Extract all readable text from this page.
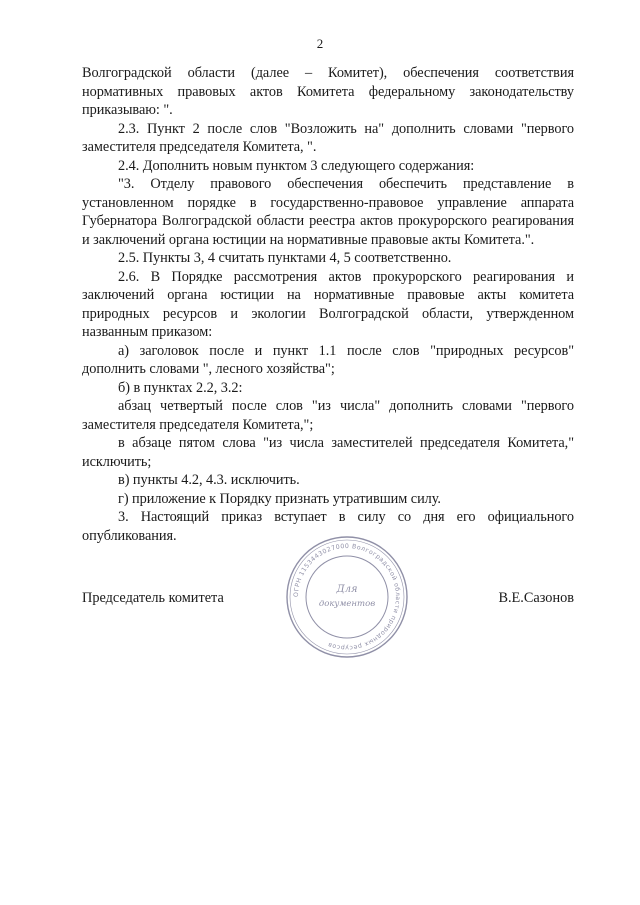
2

Волгоградской области (далее – Комитет), обеспечения соответствия нормативных правовых актов Комитета федеральному законодательству приказываю: ".

2.3. Пункт 2 после слов "Возложить на" дополнить словами "первого заместителя председателя Комитета, ".

2.4. Дополнить новым пунктом 3 следующего содержания:

"3. Отделу правового обеспечения обеспечить представление в установленном порядке в государственно-правовое управление аппарата Губернатора Волгоградской области реестра актов прокурорского реагирования и заключений органа юстиции на нормативные правовые акты Комитета.".

2.5. Пункты 3, 4 считать пунктами 4, 5 соответственно.

2.6. В Порядке рассмотрения актов прокурорского реагирования и заключений органа юстиции на нормативные правовые акты комитета природных ресурсов и экологии Волгоградской области, утвержденном названным приказом:

а) заголовок после и пункт 1.1 после слов "природных ресурсов" дополнить словами ", лесного хозяйства";

б) в пунктах 2.2, 3.2:

абзац четвертый после слов "из числа" дополнить словами "первого заместителя председателя Комитета,";

в абзаце пятом слова "из числа заместителей председателя Комитета," исключить;

в) пункты 4.2, 4.3. исключить.

г) приложение к Порядку признать утратившим силу.

3. Настоящий приказ вступает в силу со дня его официального опубликования.

Председатель комитета	В.Е.Сазонов
ОГРН 1153443027000 Волгоградской области природных ресурсов
Для
документов
